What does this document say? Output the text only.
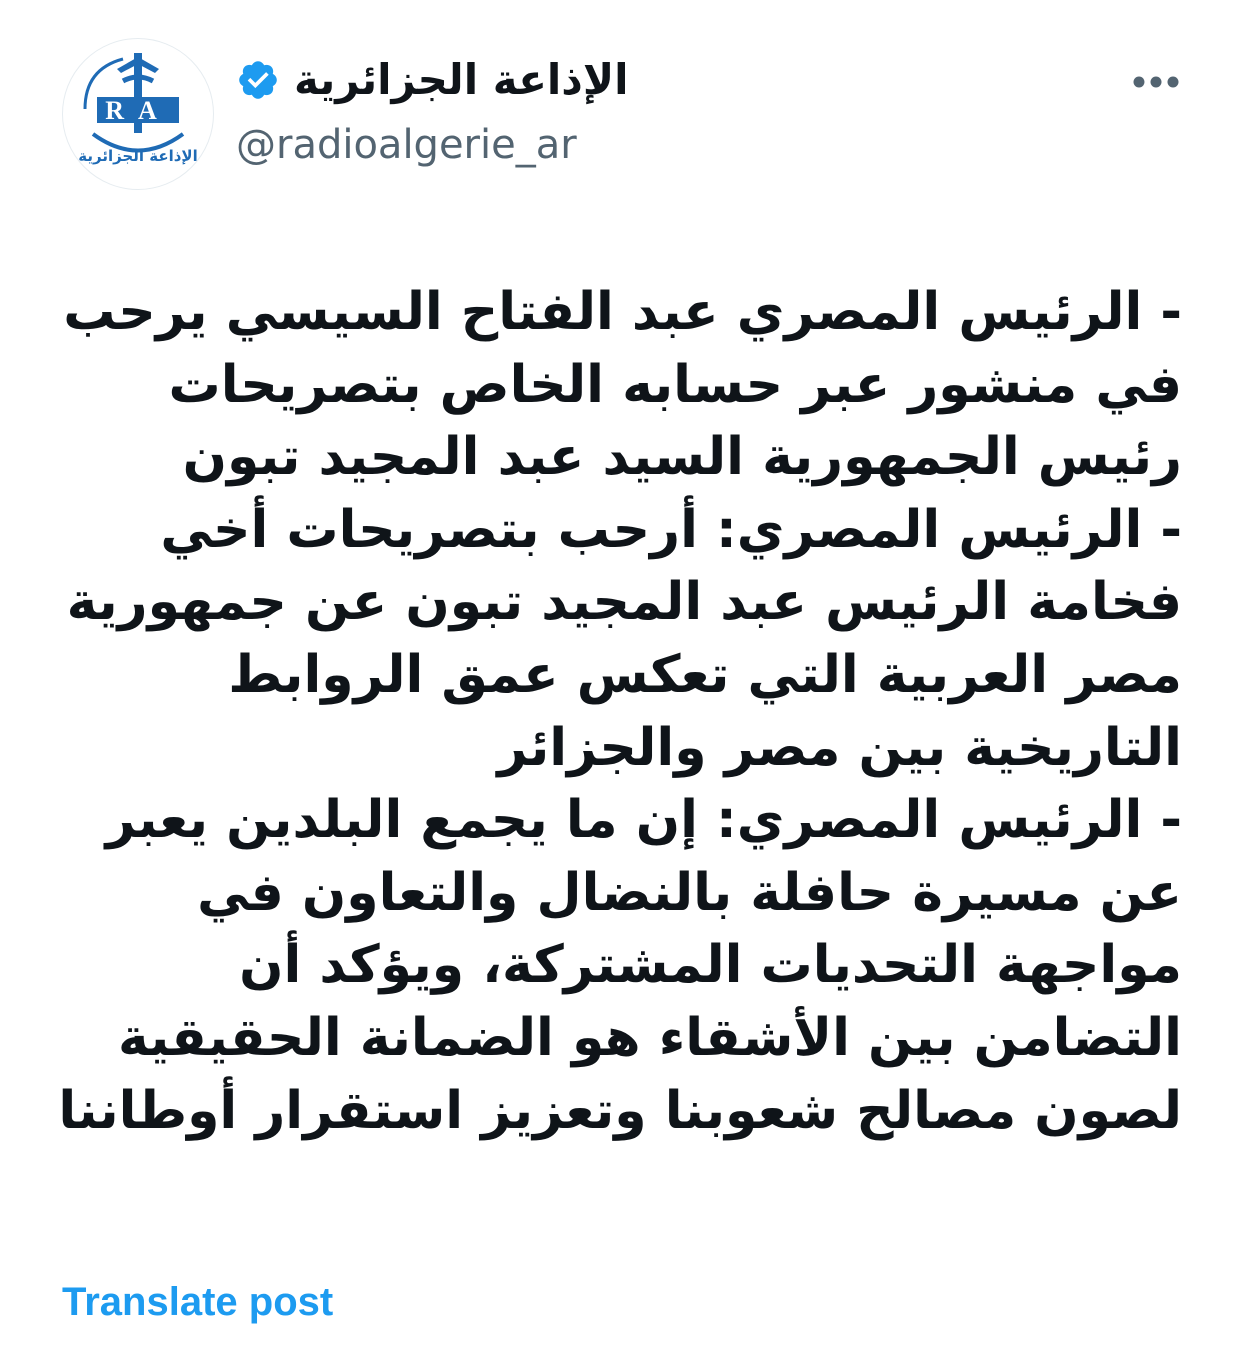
RA
الإذاعة الجزائرية
الإذاعة الجزائرية
@radioalgerie_ar
- الرئيس المصري عبد الفتاح السيسي يرحب
في منشور عبر حسابه الخاص بتصريحات
رئيس الجمهورية السيد عبد المجيد تبون
- الرئيس المصري: أرحب بتصريحات أخي
فخامة الرئيس عبد المجيد تبون عن جمهورية
مصر العربية التي تعكس عمق الروابط
التاريخية بين مصر والجزائر
- الرئيس المصري: إن ما يجمع البلدين يعبر
عن مسيرة حافلة بالنضال والتعاون في
مواجهة التحديات المشتركة، ويؤكد أن
التضامن بين الأشقاء هو الضمانة الحقيقية
لصون مصالح شعوبنا وتعزيز استقرار أوطاننا
Translate post
